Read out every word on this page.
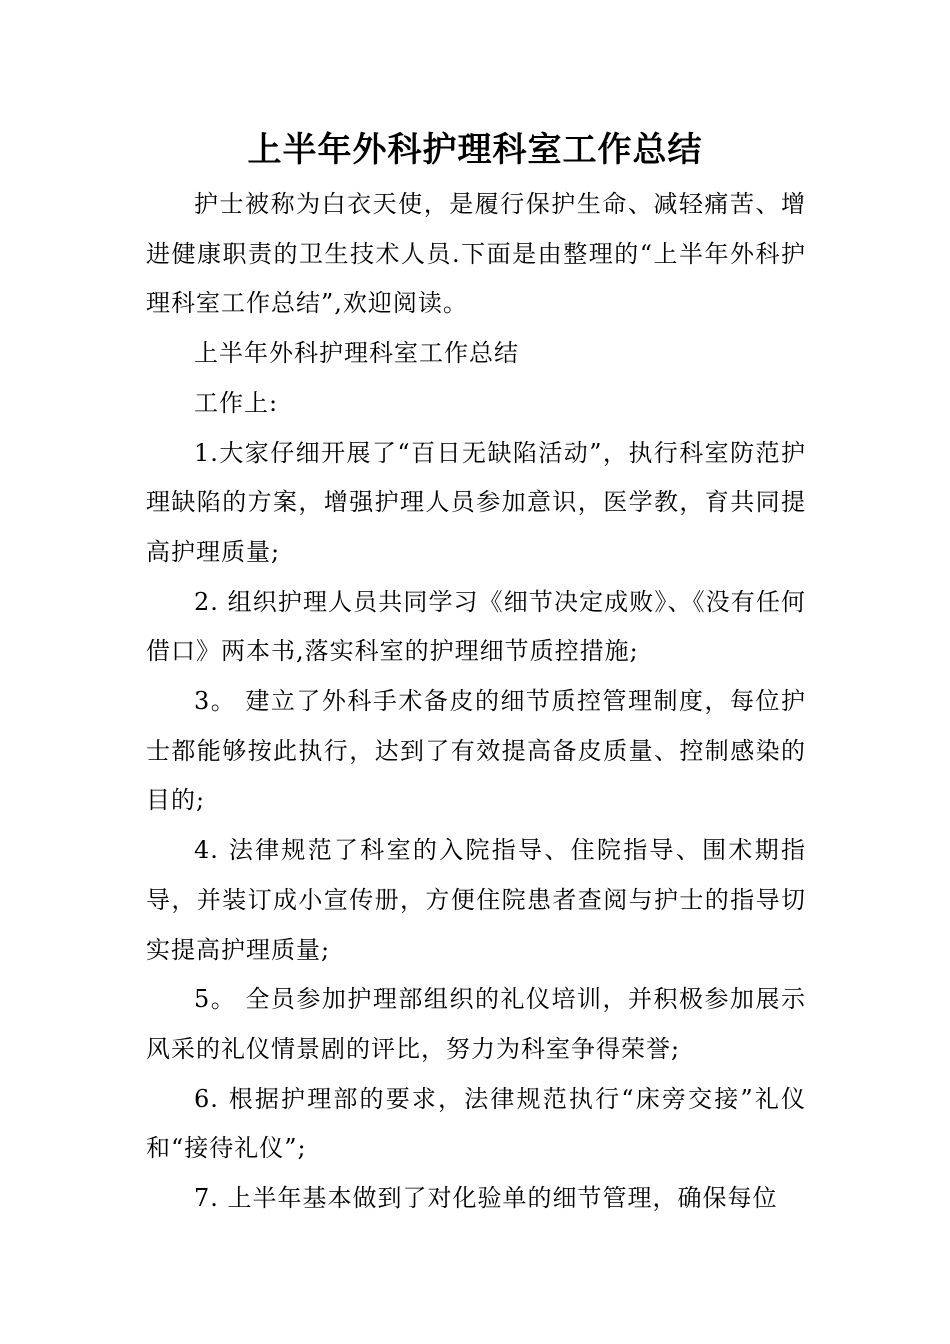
上半年外科护理科室工作总结

护士被称为白衣天使，是履行保护生命、减轻痛苦、增进健康职责的卫生技术人员.下面是由整理的“上半年外科护理科室工作总结”,欢迎阅读。

上半年外科护理科室工作总结

工作上:

1.大家仔细开展了“百日无缺陷活动”，执行科室防范护理缺陷的方案，增强护理人员参加意识，医学教，育共同提高护理质量;

2. 组织护理人员共同学习《细节决定成败》、《没有任何借口》两本书,落实科室的护理细节质控措施;

3。 建立了外科手术备皮的细节质控管理制度，每位护士都能够按此执行，达到了有效提高备皮质量、控制感染的目的;

4. 法律规范了科室的入院指导、住院指导、围术期指导，并装订成小宣传册，方便住院患者查阅与护士的指导切实提高护理质量;

5。 全员参加护理部组织的礼仪培训，并积极参加展示风采的礼仪情景剧的评比，努力为科室争得荣誉;

6. 根据护理部的要求，法律规范执行“床旁交接”礼仪和“接待礼仪”;

7. 上半年基本做到了对化验单的细节管理，确保每位
